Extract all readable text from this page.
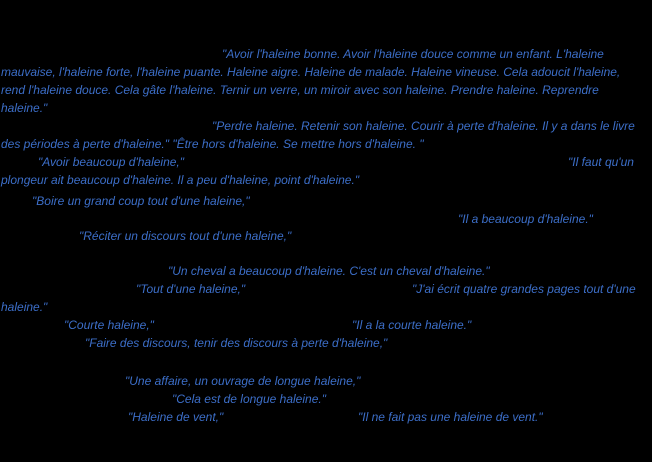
"Avoir l'haleine bonne. Avoir l'haleine douce comme un enfant. L'haleine
mauvaise, l'haleine forte, l'haleine puante. Haleine aigre. Haleine de malade. Haleine vineuse. Cela adoucit l'haleine,
rend l'haleine douce. Cela gâte l'haleine. Ternir un verre, un miroir avec son haleine. Prendre haleine. Reprendre
haleine."
"Perdre haleine. Retenir son haleine. Courir à perte d'haleine. Il y a dans le livre
des périodes à perte d'haleine." "Être hors d'haleine. Se mettre hors d'haleine. "
"Avoir beaucoup d'haleine,"	"Il faut qu'un
plongeur ait beaucoup d'haleine. Il a peu d'haleine, point d'haleine."
"Boire un grand coup tout d'une haleine,"
"Il a beaucoup d'haleine."
"Réciter un discours tout d'une haleine,"
"Un cheval a beaucoup d'haleine. C'est un cheval d'haleine."
"Tout d'une haleine,"	"J'ai écrit quatre grandes pages tout d'une
haleine."
"Courte haleine,"	"Il a la courte haleine."
"Faire des discours, tenir des discours à perte d'haleine,"
"Une affaire, un ouvrage de longue haleine,"
"Cela est de longue haleine."
"Haleine de vent,"	"Il ne fait pas une haleine de vent."
